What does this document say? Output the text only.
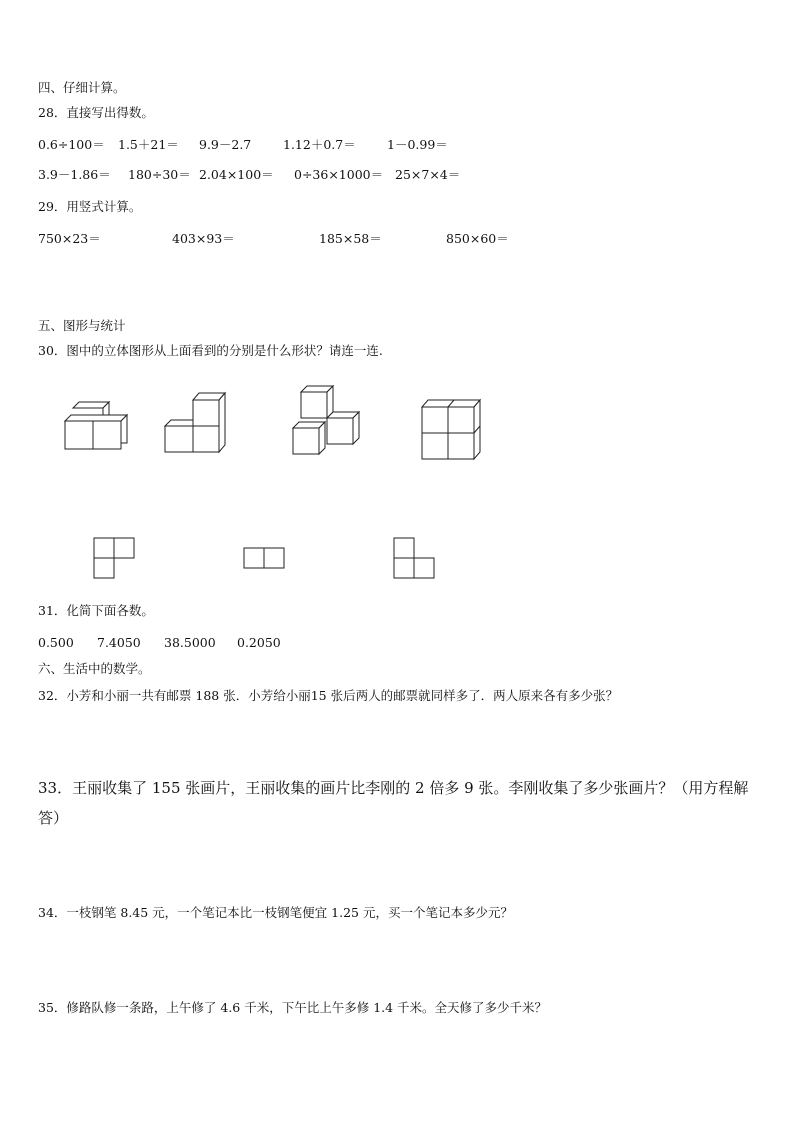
四、仔细计算。
28．直接写出得数。
0.6÷100＝ 1.5＋21＝ 9.9－2.7	1.12＋0.7＝	1－0.99＝
3.9－1.86＝ 180÷30＝ 2.04×100＝ 0÷36×1000＝ 25×7×4＝
29．用竖式计算。
750×23＝	403×93＝	185×58＝	850×60＝
五、图形与统计
30．图中的立体图形从上面看到的分别是什么形状？请连一连.
31．化简下面各数。
0.500 7.4050 38.5000 0.2050
六、生活中的数学。
32．小芳和小丽一共有邮票 188 张．小芳给小丽15 张后两人的邮票就同样多了．两人原来各有多少张？
33．王丽收集了 155 张画片，王丽收集的画片比李刚的 2 倍多 9 张。李刚收集了多少张画片？（用方程解答）
34．一枝钢笔 8.45 元，一个笔记本比一枝钢笔便宜 1.25 元，买一个笔记本多少元？
35．修路队修一条路，上午修了 4.6 千米，下午比上午多修 1.4 千米。全天修了多少千米？
